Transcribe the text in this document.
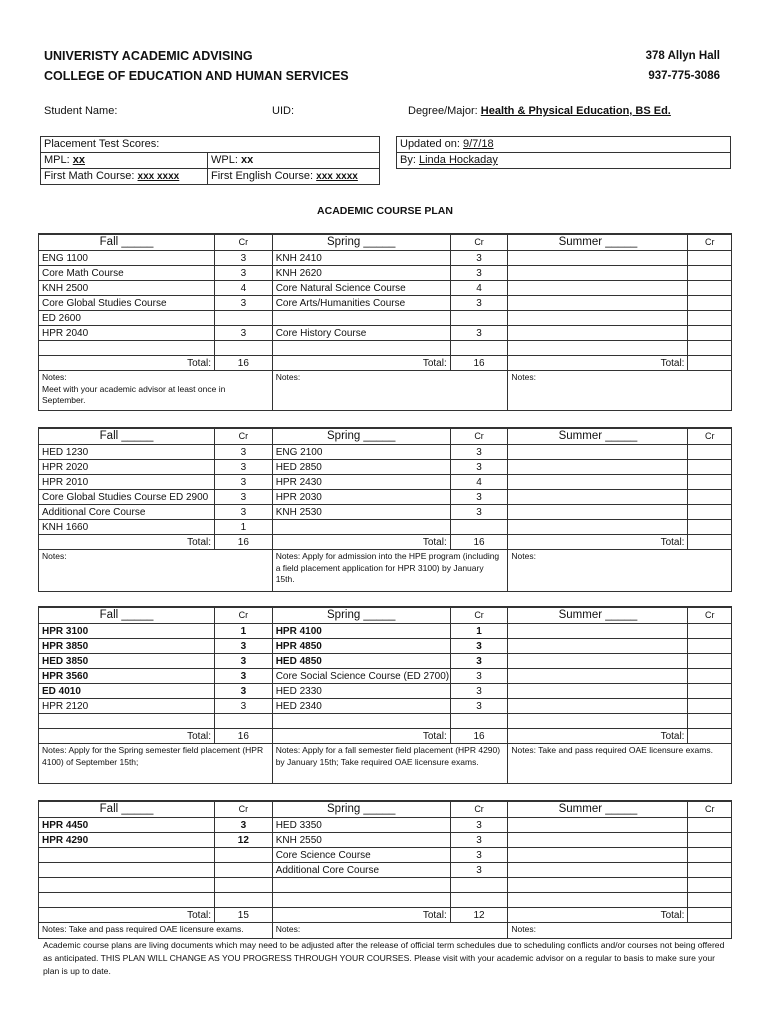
UNIVERISTY ACADEMIC ADVISING
COLLEGE OF EDUCATION AND HUMAN SERVICES
378 Allyn Hall
937-775-3086
Student Name:	UID:	Degree/Major: Health & Physical Education, BS Ed.
Placement Test Scores:	
MPL: xx	WPL: xx
First Math Course: xxx xxxx	First English Course: xxx xxxx
Updated on: 9/7/18
By: Linda Hockaday
ACADEMIC COURSE PLAN
Fall _____	Cr	Spring _____	Cr	Summer _____	Cr
ENG 1100	3	KNH 2410	3		
Core Math Course	3	KNH 2620	3		
KNH 2500	4	Core Natural Science Course	4		
Core Global Studies Course	3	Core Arts/Humanities Course	3		
ED 2600					
HPR 2040	3	Core History Course	3		

Total:	16	Total:	16	Total:	
Notes:
Meet with your academic advisor at least once in September.		Notes:		Notes:	
Fall _____	Cr	Spring _____	Cr	Summer _____	Cr
HED 1230	3	ENG 2100	3		
HPR 2020	3	HED 2850	3		
HPR 2010	3	HPR 2430	4		
Core Global Studies Course ED 2900	3	HPR 2030	3		
Additional Core Course	3	KNH 2530	3		
KNH 1660	1				
Total:	16	Total:	16	Total:	
Notes:		Notes: Apply for admission into the HPE program (including a field placement application for HPR 3100) by January 15th.		Notes:	
Fall _____	Cr	Spring _____	Cr	Summer _____	Cr
HPR 3100	1	HPR 4100	1		
HPR 3850	3	HPR 4850	3		
HED 3850	3	HED 4850	3		
HPR 3560	3	Core Social Science Course (ED 2700)	3		
ED 4010	3	HED 2330	3		
HPR 2120	3	HED 2340	3		

Total:	16	Total:	16	Total:	
Notes: Apply for the Spring semester field placement (HPR 4100) of September 15th;		Notes: Apply for a fall semester field placement (HPR 4290) by January 15th; Take required OAE licensure exams.		Notes: Take and pass required OAE licensure exams.	
Fall _____	Cr	Spring _____	Cr	Summer _____	Cr
HPR 4450	3	HED 3350	3		
HPR 4290	12	KNH 2550	3		
		Core Science Course	3		
		Additional Core Course	3		

Total:	15	Total:	12	Total:	
Notes: Take and pass required OAE licensure exams.		Notes:		Notes:	
Academic course plans are living documents which may need to be adjusted after the release of official term schedules due to scheduling conflicts and/or courses not being offered as anticipated. THIS PLAN WILL CHANGE AS YOU PROGRESS THROUGH YOUR COURSES. Please visit with your academic advisor on a regular to basis to make sure your plan is up to date.
